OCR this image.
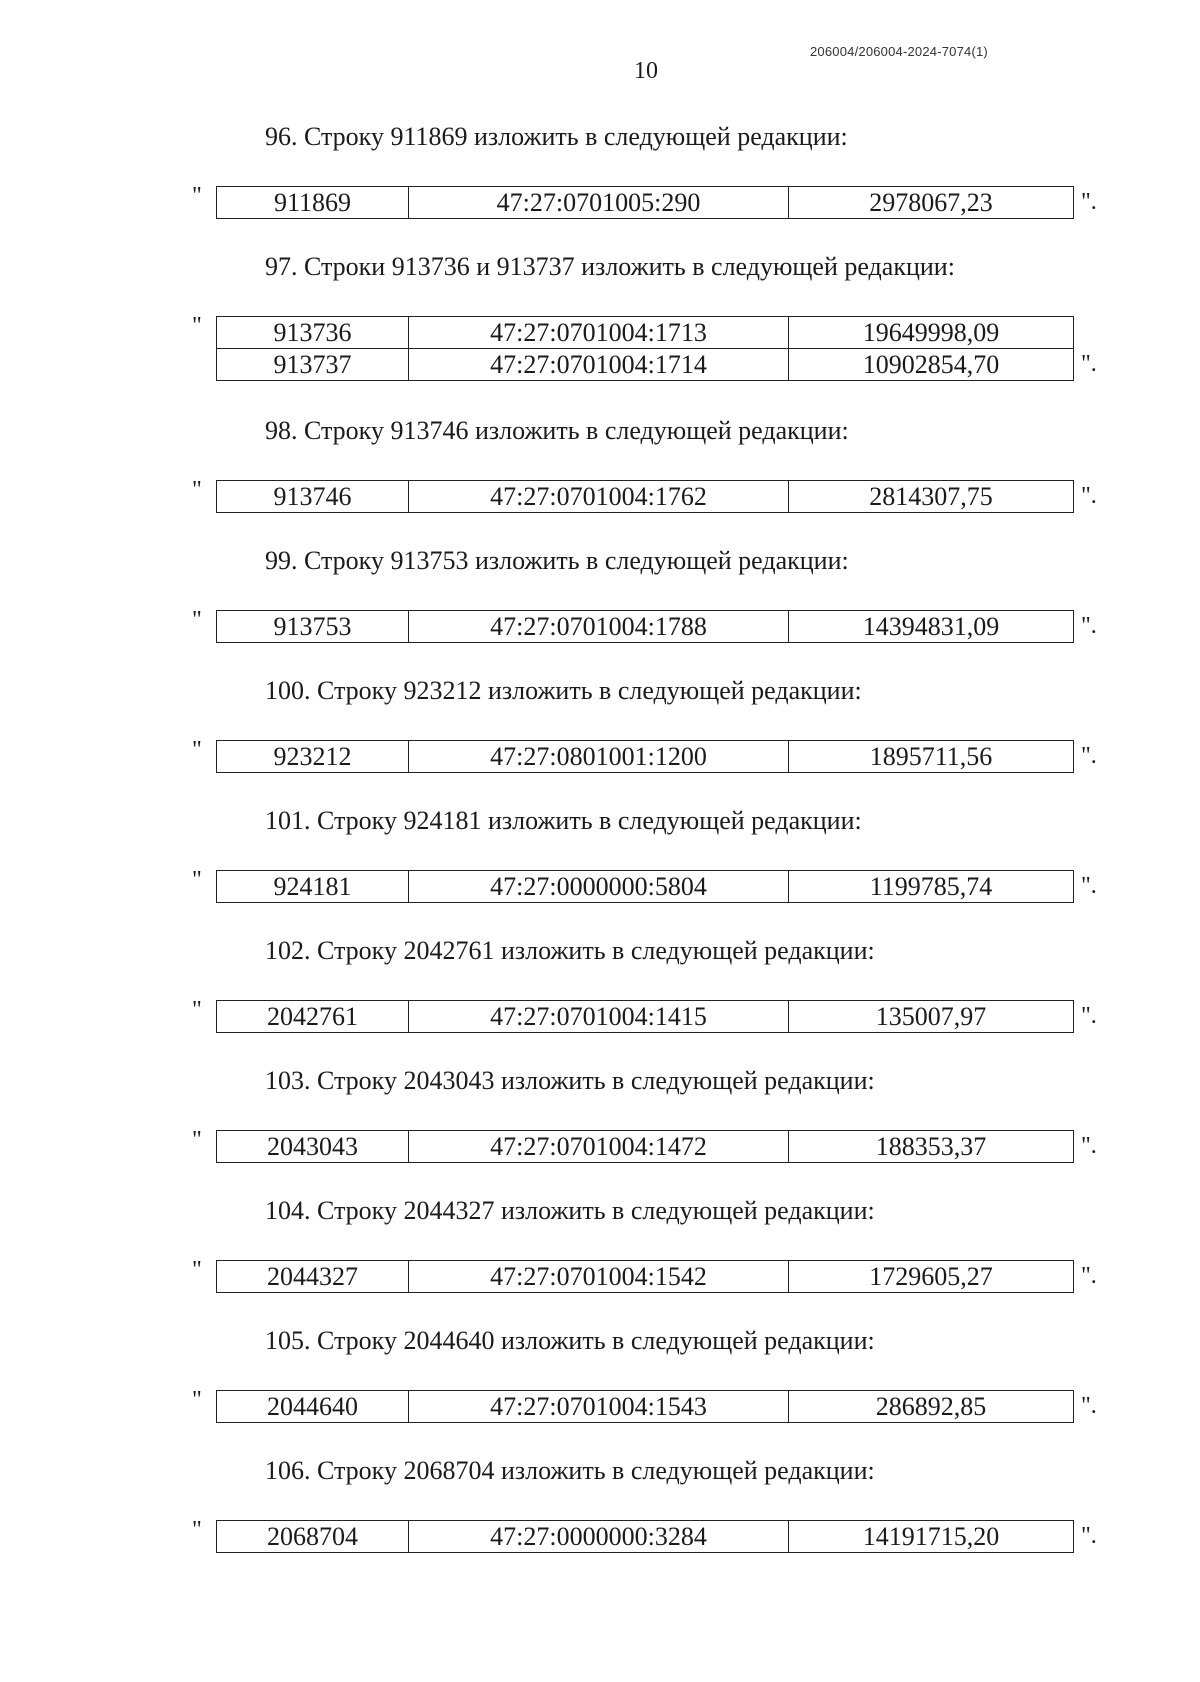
206004/206004-2024-7074(1)
10
96. Строку 911869 изложить в следующей редакции:
"	911869	47:27:0701005:290	2978067,23	".
97. Строки 913736 и 913737 изложить в следующей редакции:
"	913736	47:27:0701004:1713	19649998,09
913737	47:27:0701004:1714	10902854,70	".
98. Строку 913746 изложить в следующей редакции:
"	913746	47:27:0701004:1762	2814307,75	".
99. Строку 913753 изложить в следующей редакции:
"	913753	47:27:0701004:1788	14394831,09	".
100. Строку 923212 изложить в следующей редакции:
"	923212	47:27:0801001:1200	1895711,56	".
101. Строку 924181 изложить в следующей редакции:
"	924181	47:27:0000000:5804	1199785,74	".
102. Строку 2042761 изложить в следующей редакции:
"	2042761	47:27:0701004:1415	135007,97	".
103. Строку 2043043 изложить в следующей редакции:
"	2043043	47:27:0701004:1472	188353,37	".
104. Строку 2044327 изложить в следующей редакции:
"	2044327	47:27:0701004:1542	1729605,27	".
105. Строку 2044640 изложить в следующей редакции:
"	2044640	47:27:0701004:1543	286892,85	".
106. Строку 2068704 изложить в следующей редакции:
"	2068704	47:27:0000000:3284	14191715,20	".
